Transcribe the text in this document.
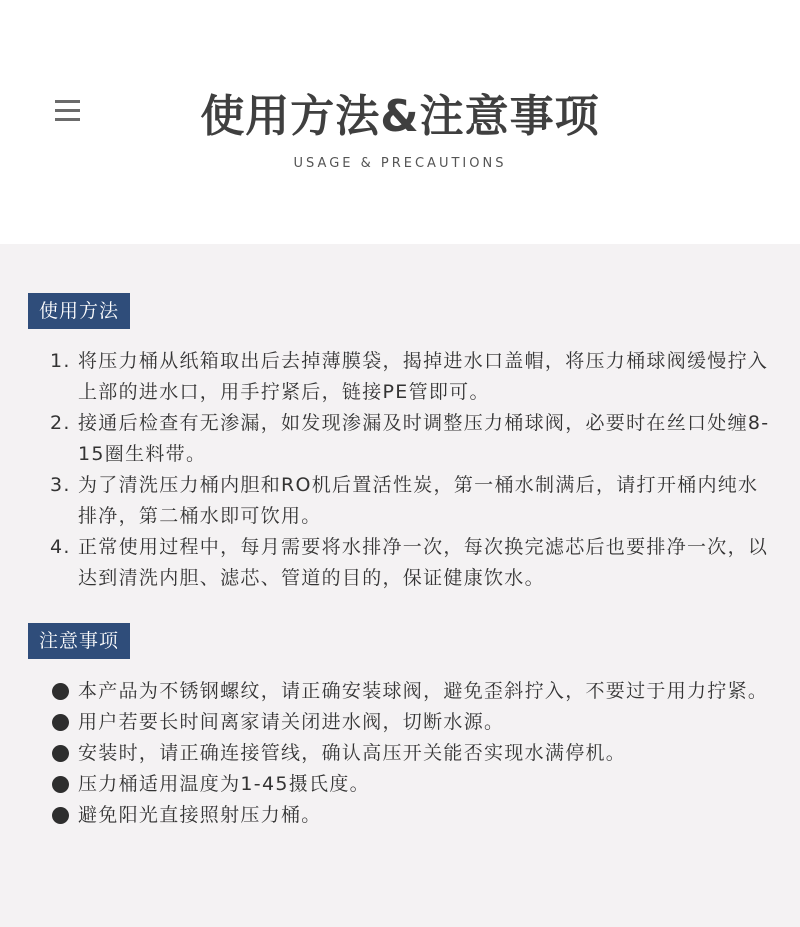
使用方法&注意事项
USAGE & PRECAUTIONS
使用方法
1. 将压力桶从纸箱取出后去掉薄膜袋，揭掉进水口盖帽，将压力桶球阀缓慢拧入上部的进水口，用手拧紧后，链接PE管即可。
2. 接通后检查有无渗漏，如发现渗漏及时调整压力桶球阀，必要时在丝口处缠8-15圈生料带。
3. 为了清洗压力桶内胆和RO机后置活性炭，第一桶水制满后，请打开桶内纯水排净，第二桶水即可饮用。
4. 正常使用过程中，每月需要将水排净一次，每次换完滤芯后也要排净一次，以达到清洗内胆、滤芯、管道的目的，保证健康饮水。
注意事项
本产品为不锈钢螺纹，请正确安装球阀，避免歪斜拧入，不要过于用力拧紧。
用户若要长时间离家请关闭进水阀，切断水源。
安装时，请正确连接管线，确认高压开关能否实现水满停机。
压力桶适用温度为1-45摄氏度。
避免阳光直接照射压力桶。
